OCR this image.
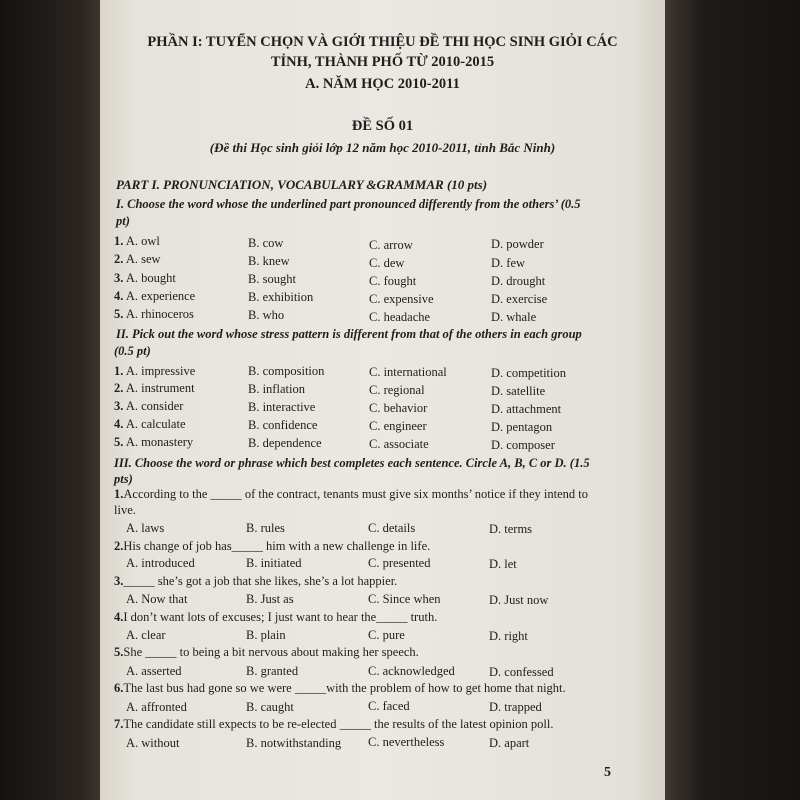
PHẦN I: TUYỂN CHỌN VÀ GIỚI THIỆU ĐỀ THI HỌC SINH GIỎI CÁC
TỈNH, THÀNH PHỐ TỪ 2010-2015
A. NĂM HỌC 2010-2011
ĐỀ SỐ 01
(Đề thi Học sinh giỏi lớp 12 năm học 2010-2011, tỉnh Bắc Ninh)
PART I. PRONUNCIATION, VOCABULARY &GRAMMAR (10 pts)
I. Choose the word whose the underlined part pronounced differently from the others’ (0.5
pt)
1. A. owl	B. cow	C. arrow	D. powder
2. A. sew	B. knew	C. dew	D. few
3. A. bought	B. sought	C. fought	D. drought
4. A. experience	B. exhibition	C. expensive	D. exercise
5. A. rhinoceros	B. who	C. headache	D. whale
II. Pick out the word whose stress pattern is different from that of the others in each group
(0.5 pt)
1. A. impressive	B. composition	C. international	D. competition
2. A. instrument	B. inflation	C. regional	D. satellite
3. A. consider	B. interactive	C. behavior	D. attachment
4. A. calculate	B. confidence	C. engineer	D. pentagon
5. A. monastery	B. dependence	C. associate	D. composer
III. Choose the word or phrase which best completes each sentence. Circle A, B, C or D. (1.5
pts)
1.According to the _____ of the contract, tenants must give six months’ notice if they intend to
live.
A. laws	B. rules	C. details	D. terms
2.His change of job has_____ him with a new challenge in life.
A. introduced	B. initiated	C. presented	D. let
3._____ she’s got a job that she likes, she’s a lot happier.
A. Now that	B. Just as	C. Since when	D. Just now
4.I don’t want lots of excuses; I just want to hear the_____ truth.
A. clear	B. plain	C. pure	D. right
5.She _____ to being a bit nervous about making her speech.
A. asserted	B. granted	C. acknowledged	D. confessed
6.The last bus had gone so we were _____with the problem of how to get home that night.
A. affronted	B. caught	C. faced	D. trapped
7.The candidate still expects to be re-elected _____ the results of the latest opinion poll.
A. without	B. notwithstanding C. nevertheless	D. apart
5
